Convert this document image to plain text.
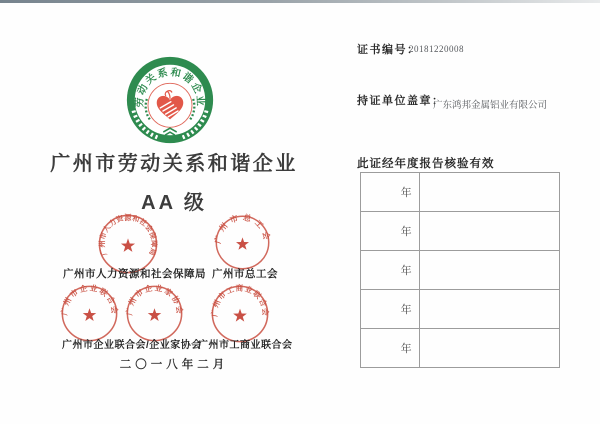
劳动关系和谐企业
广州市劳动关系和谐企业
AA 级
广州市人力资源和社会保障局
广州市总工会
广州市人力资源和社会保障局 广州市总工会
广州市企业联合会 广州市企业家协会 广州市工商业联合会
广州市企业联合会/企业家协会
广州市工商业联合会
二〇一八年二月
证书编号：
20181220008
持证单位盖章：
广东鸿邦金属铝业有限公司
此证经年度报告核验有效
年	
年	
年	
年	
年	
